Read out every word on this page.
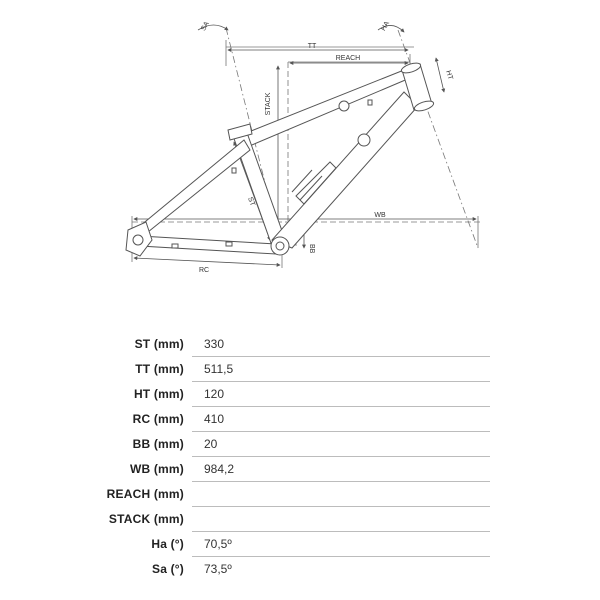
SA	HA
TT
REACH
HT
STACK
ST
WB
RC
BB
ST (mm) 330
TT (mm) 511,5
HT (mm) 120
RC (mm) 410
BB (mm) 20
WB (mm) 984,2
REACH (mm)
STACK (mm)
Ha (°) 70,5º
Sa (°) 73,5º
